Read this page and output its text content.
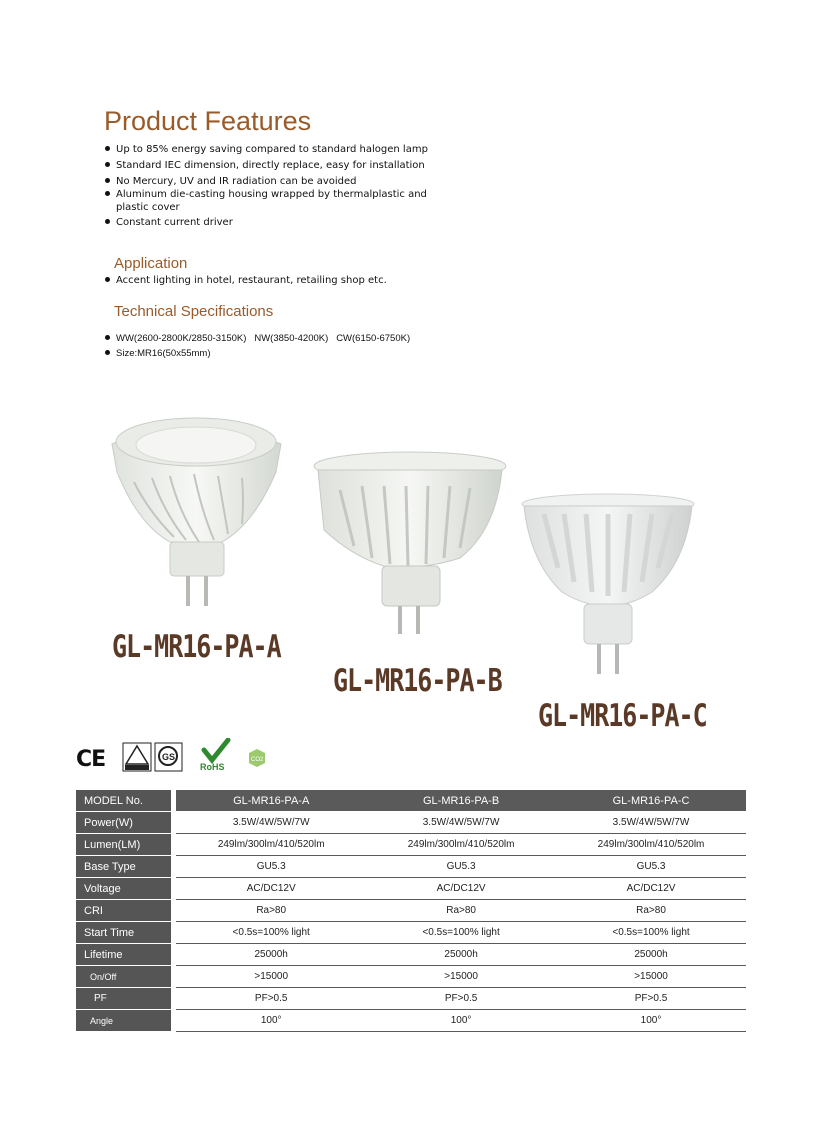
Product Features
Up to 85% energy saving compared to standard halogen lamp
Standard IEC dimension, directly replace, easy for installation
No Mercury, UV and IR radiation can be avoided
Aluminum die-casting housing wrapped by thermalplastic and plastic cover
Constant current driver
Application
Accent lighting in hotel, restaurant, retailing shop etc.
Technical Specifications
WW(2600-2800K/2850-3150K)   NW(3850-4200K)   CW(6150-6750K)
Size:MR16(50x55mm)
GL-MR16-PA-A
GL-MR16-PA-B
GL-MR16-PA-C
CE	GS
RoHS
CO2
MODEL No.		GL-MR16-PA-A	GL-MR16-PA-B	GL-MR16-PA-C
Power(W)		3.5W/4W/5W/7W	3.5W/4W/5W/7W	3.5W/4W/5W/7W
Lumen(LM)		249lm/300lm/410/520lm	249lm/300lm/410/520lm	249lm/300lm/410/520lm
Base Type		GU5.3	GU5.3	GU5.3
Voltage		AC/DC12V	AC/DC12V	AC/DC12V
CRI		Ra>80	Ra>80	Ra>80
Start Time		<0.5s=100% light	<0.5s=100% light	<0.5s=100% light
Lifetime		25000h	25000h	25000h
On/Off		>15000	>15000	>15000
PF		PF>0.5	PF>0.5	PF>0.5
Angle		100°	100°	100°
